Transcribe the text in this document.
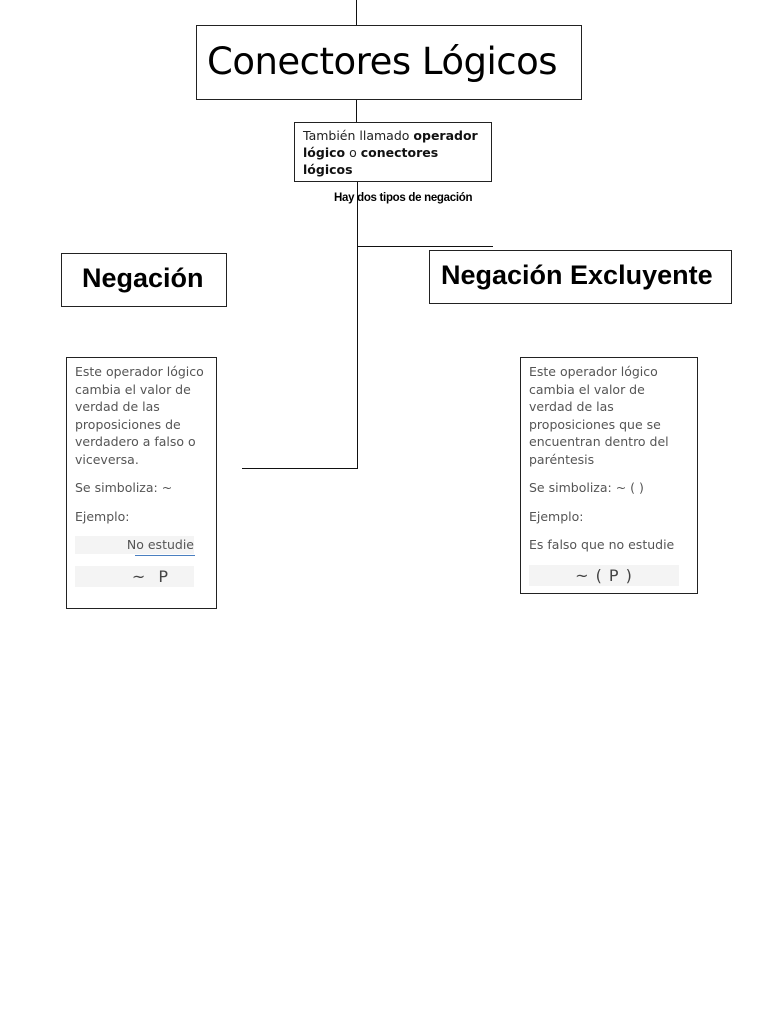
Conectores Lógicos
También llamado operador lógico o conectores lógicos
Hay dos tipos de negación
Negación

Este operador lógico cambia el valor de verdad de las proposiciones de verdadero a falso o viceversa.

Se simboliza: ~

Ejemplo:

No estudie

~ P
Negación Excluyente

Este operador lógico cambia el valor de verdad de las proposiciones que se encuentran dentro del paréntesis

Se simboliza: ~ ( )

Ejemplo:

Es falso que no estudie

~ ( P )
